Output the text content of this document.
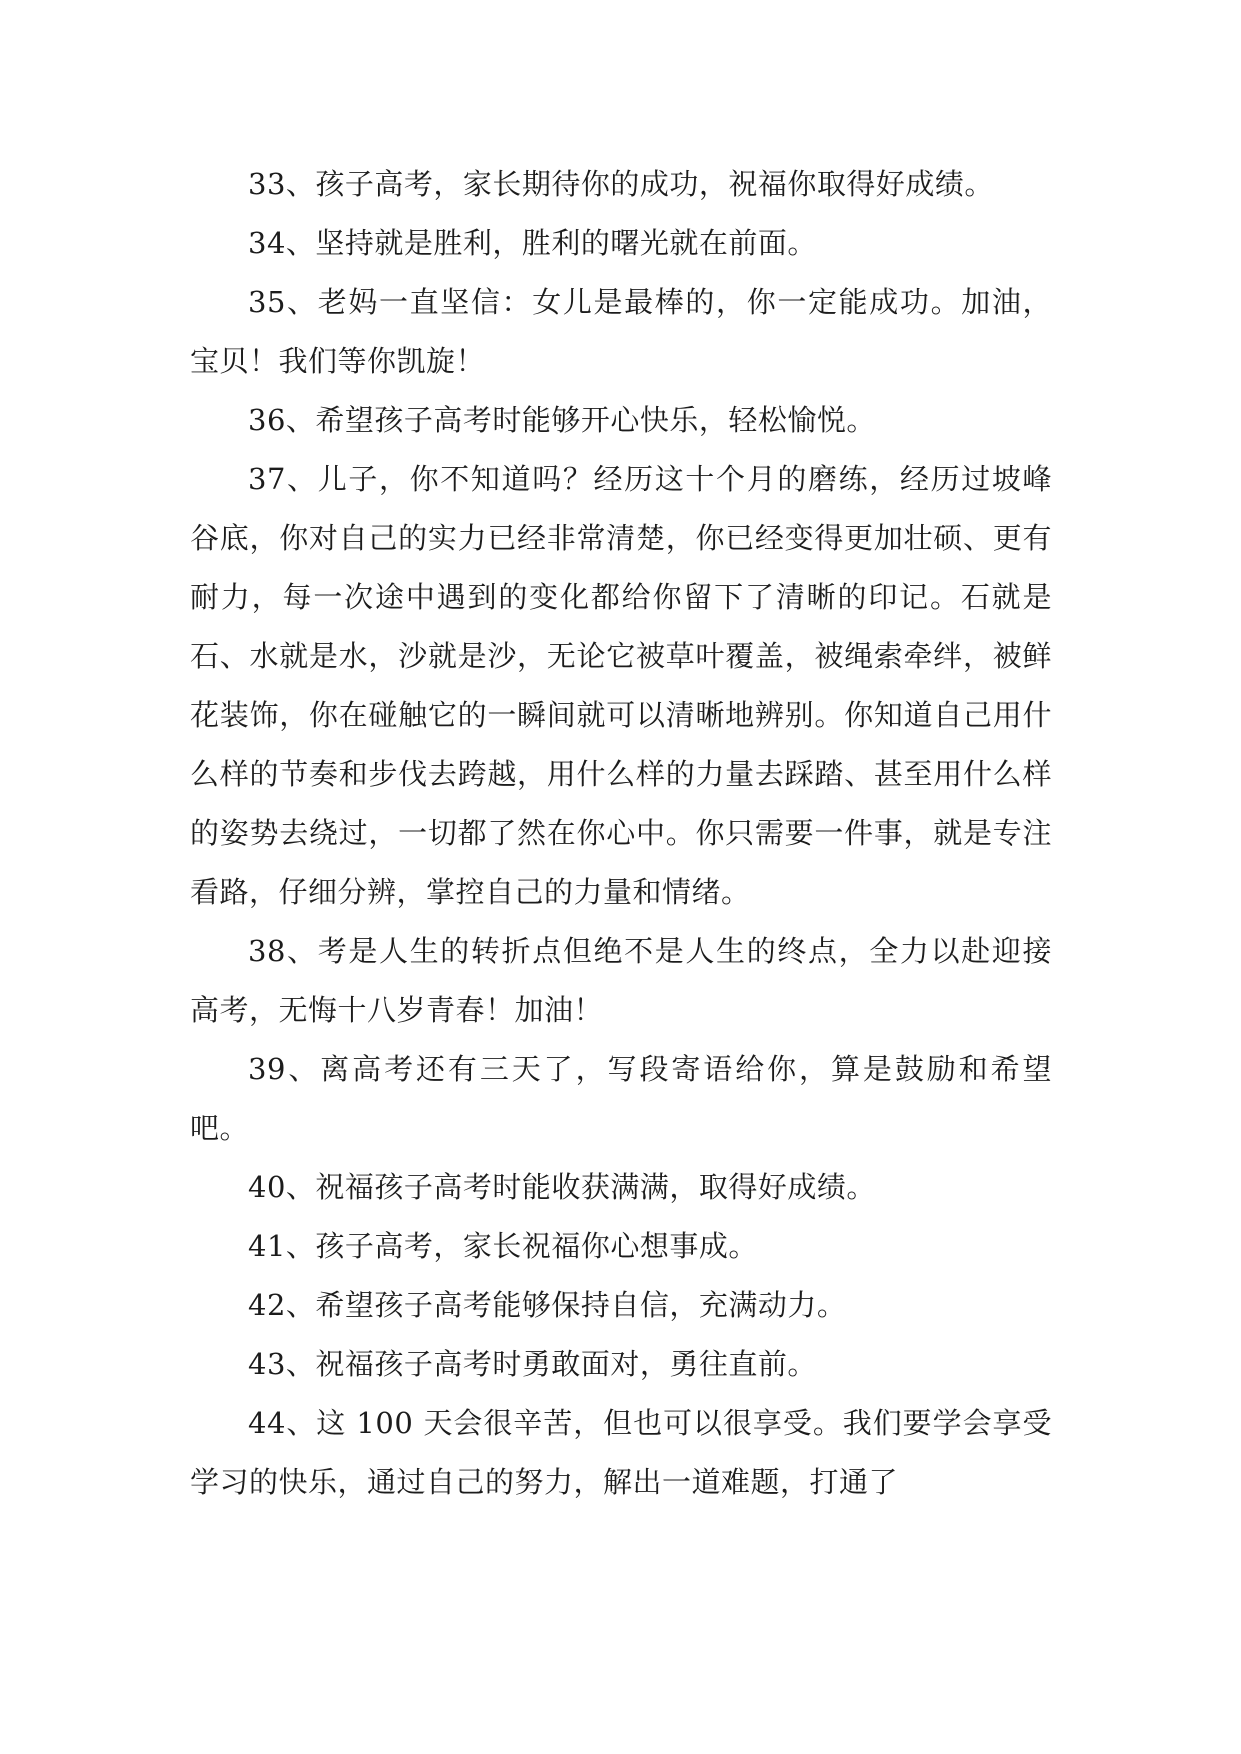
33、孩子高考，家长期待你的成功，祝福你取得好成绩。

34、坚持就是胜利，胜利的曙光就在前面。

35、老妈一直坚信：女儿是最棒的，你一定能成功。加油，宝贝！我们等你凯旋！

36、希望孩子高考时能够开心快乐，轻松愉悦。

37、儿子，你不知道吗？经历这十个月的磨练，经历过坡峰谷底，你对自己的实力已经非常清楚，你已经变得更加壮硕、更有耐力，每一次途中遇到的变化都给你留下了清晰的印记。石就是石、水就是水，沙就是沙，无论它被草叶覆盖，被绳索牵绊，被鲜花装饰，你在碰触它的一瞬间就可以清晰地辨别。你知道自己用什么样的节奏和步伐去跨越，用什么样的力量去踩踏、甚至用什么样的姿势去绕过，一切都了然在你心中。你只需要一件事，就是专注看路，仔细分辨，掌控自己的力量和情绪。

38、考是人生的转折点但绝不是人生的终点，全力以赴迎接高考，无悔十八岁青春！加油！

39、离高考还有三天了，写段寄语给你，算是鼓励和希望吧。

40、祝福孩子高考时能收获满满，取得好成绩。

41、孩子高考，家长祝福你心想事成。

42、希望孩子高考能够保持自信，充满动力。

43、祝福孩子高考时勇敢面对，勇往直前。

44、这 100 天会很辛苦，但也可以很享受。我们要学会享受学习的快乐，通过自己的努力，解出一道难题，打通了
